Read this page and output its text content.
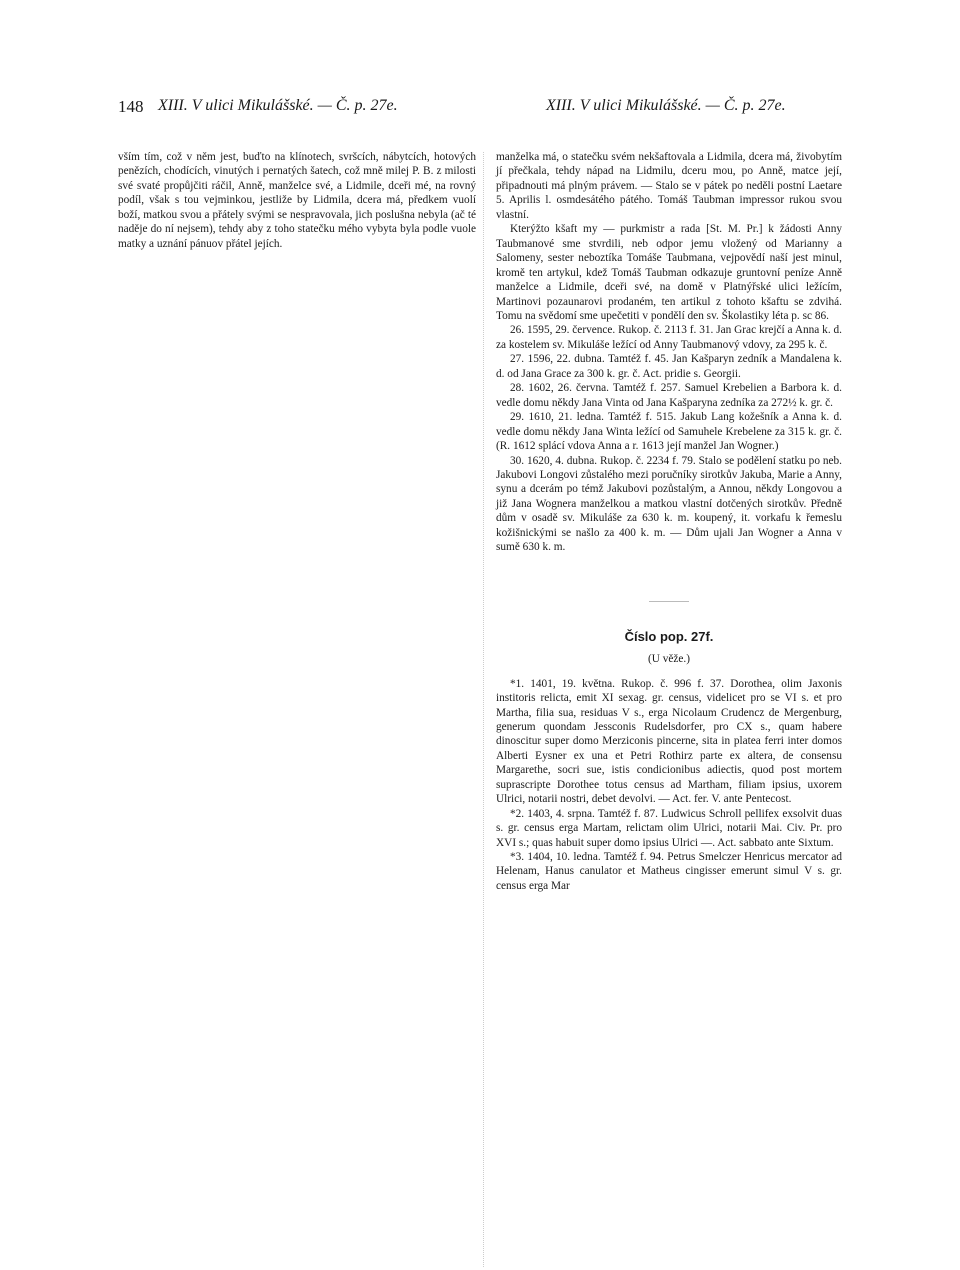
148 XIII. V ulici Mikulášské. — Č. p. 27e.	XIII. V ulici Mikulášské. — Č. p. 27e.

vším tím, což v něm jest, buďto na klínotech, svršcích, nábytcích, hotových penězích, chodících, vinutých i pernatých šatech, což mně milej P. B. z milosti své svaté propůjčiti ráčil, Anně, manželce své, a Lidmile, dceři mé, na rovný podíl, však s tou vejminkou, jestliže by Lidmila, dcera má, předkem vuolí boží, matkou svou a přátely svými se nespravovala, jich poslušna nebyla (ač té naděje do ní nejsem), tehdy aby z toho statečku mého vybyta byla podle vuole matky a uznání pánuov přátel jejích.

manželka má, o statečku svém nekšaftovala a Lidmila, dcera má, živobytím jí přečkala, tehdy nápad na Lidmilu, dceru mou, po Anně, matce její, připadnouti má plným právem. — Stalo se v pátek po neděli postní Laetare 5. Aprilis l. osmdesátého pátého. Tomáš Taubman impressor rukou svou vlastní.

Kterýžto kšaft my — purkmistr a rada [St. M. Pr.] k žádosti Anny Taubmanové sme stvrdili, neb odpor jemu vložený od Marianny a Salomeny, sester neboztíka Tomáše Taubmana, vejpovědí naší jest minul, kromě ten artykul, kdež Tomáš Taubman odkazuje gruntovní peníze Anně manželce a Lidmile, dceři své, na domě v Platnýřské ulici ležícím, Martinovi pozaunarovi prodaném, ten artikul z tohoto kšaftu se zdvihá. Tomu na svědomí sme upečetiti v pondělí den sv. Školastiky léta p. sc 86.

26. 1595, 29. července. Rukop. č. 2113 f. 31. Jan Grac krejčí a Anna k. d. za kostelem sv. Mikuláše ležící od Anny Taubmanový vdovy, za 295 k. č.

27. 1596, 22. dubna. Tamtéž f. 45. Jan Kašparyn zedník a Mandalena k. d. od Jana Grace za 300 k. gr. č. Act. pridie s. Georgii.

28. 1602, 26. června. Tamtéž f. 257. Samuel Krebelien a Barbora k. d. vedle domu někdy Jana Vinta od Jana Kašparyna zedníka za 272½ k. gr. č.

29. 1610, 21. ledna. Tamtéž f. 515. Jakub Lang kožešník a Anna k. d. vedle domu někdy Jana Winta ležící od Samuhele Krebelene za 315 k. gr. č. (R. 1612 splácí vdova Anna a r. 1613 její manžel Jan Wogner.)

30. 1620, 4. dubna. Rukop. č. 2234 f. 79. Stalo se podělení statku po neb. Jakubovi Longovi zůstalého mezi poručníky sirotkův Jakuba, Marie a Anny, synu a dcerám po témž Jakubovi pozůstalým, a Annou, někdy Longovou a již Jana Wognera manželkou a matkou vlastní dotčených sirotkův. Předně dům v osadě sv. Mikuláše za 630 k. m. koupený, it. vorkafu k řemeslu kožišnickými se našlo za 400 k. m. — Dům ujali Jan Wogner a Anna v sumě 630 k. m.

Číslo pop. 27f.

(U věže.)

*1. 1401, 19. května. Rukop. č. 996 f. 37. Dorothea, olim Jaxonis institoris relicta, emit XI sexag. gr. census, videlicet pro se VI s. et pro Martha, filia sua, residuas V s., erga Nicolaum Crudencz de Mergenburg, generum quondam Jessconis Rudelsdorfer, pro CX s., quam habere dinoscitur super domo Merziconis pincerne, sita in platea ferri inter domos Alberti Eysner ex una et Petri Rothirz parte ex altera, de consensu Margarethe, socri sue, istis condicionibus adiectis, quod post mortem suprascripte Dorothee totus census ad Martham, filiam ipsius, uxorem Ulrici, notarii nostri, debet devolvi. — Act. fer. V. ante Pentecost.

*2. 1403, 4. srpna. Tamtéž f. 87. Ludwicus Schroll pellifex exsolvit duas s. gr. census erga Martam, relictam olim Ulrici, notarii Mai. Civ. Pr. pro XVI s.; quas habuit super domo ipsius Ulrici —. Act. sabbato ante Sixtum.

*3. 1404, 10. ledna. Tamtéž f. 94. Petrus Smelczer Henricus mercator ad Helenam, Hanus canulator et Matheus cingisser emerunt simul V s. gr. census erga Mar
